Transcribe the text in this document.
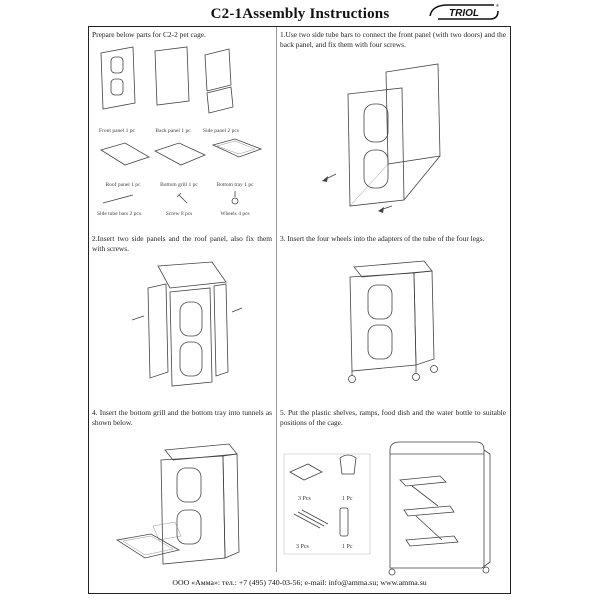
C2-1Assembly Instructions	TRIOL
®
Prepare below parts for C2-2 pet cage.	1.Use two side tube bars to connect the front panel (with two doors) and the back panel, and fix them with four screws.
2.Insert two side panels and the roof panel, also fix them with screws.
3. Insert the four wheels into the adapters of the tube of the four legs.
4. Insert the bottom grill and the bottom tray into tunnels as shown below.
5. Put the plastic shelves, ramps, food dish and the water bottle to suitable positions of the cage.
Front panel 1 pc	Back panel 1 pc Side panel 2 pcs
Roof panel 1 pc	Bottom grill 1 pc	Bottom tray 1 pc
Side tube bars 2 pcs	Screw 8 pcs	Wheels 4 pcs
3 Pcs	1 Pc
3 Pcs	1 Pc
ООО «Амма»: тел.: +7 (495) 740-03-56; e-mail: info@amma.su; www.amma.su
